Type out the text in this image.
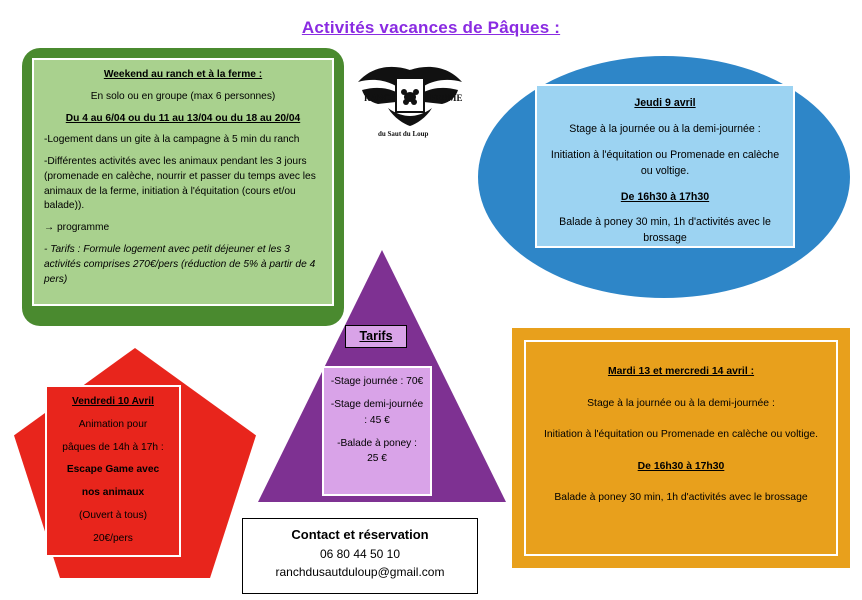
Activités vacances de Pâques :

Weekend au ranch et à la ferme :

En solo ou en groupe (max 6 personnes)

Du 4 au 6/04 ou du 11 au 13/04 ou du 18 au 20/04

-Logement dans un gite à la campagne à 5 min du ranch

-Différentes activités avec les animaux pendant les 3 jours (promenade en calèche, nourrir et passer du temps avec les animaux de la ferme, initiation à l'équitation (cours et/ou balade)).

→ programme

- Tarifs : Formule logement avec petit déjeuner et les 3 activités comprises 270€/pers (réduction de 5% à partir de 4 pers)

RANCH
et
FERME
du Saut du Loup

Jeudi 9 avril

Stage à la journée ou à la demi-journée :

Initiation à l'équitation ou Promenade en calèche ou voltige.

De 16h30 à 17h30

Balade à poney 30 min, 1h d'activités avec le brossage

Vendredi 10 Avril

Animation pour

pâques de 14h à 17h :

Escape Game avec

nos animaux

(Ouvert à tous)

20€/pers

Tarifs

-Stage journée : 70€

-Stage demi-journée : 45 €

-Balade à poney : 25 €

Mardi 13 et mercredi 14 avril :

Stage à la journée ou à la demi-journée :

Initiation à l'équitation ou Promenade en calèche ou voltige.

De 16h30 à 17h30

Balade à poney 30 min, 1h d'activités avec le brossage

Contact et réservation
06 80 44 50 10
ranchdusautduloup@gmail.com
